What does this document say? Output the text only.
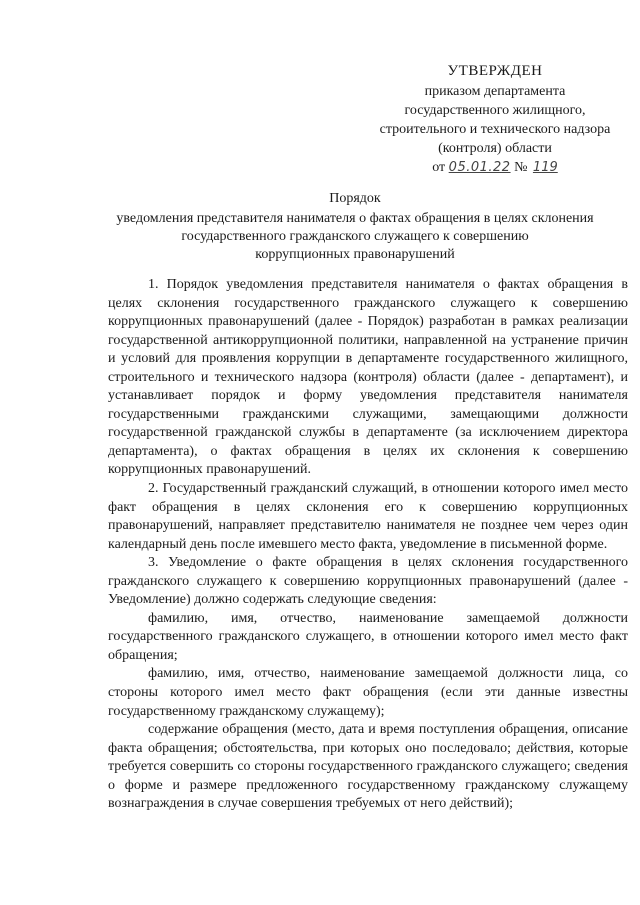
УТВЕРЖДЕН
приказом департамента
государственного жилищного,
строительного и технического надзора
(контроля) области
от 05.01.22 № 119
Порядок
уведомления представителя нанимателя о фактах обращения в целях склонения
государственного гражданского служащего к совершению
коррупционных правонарушений

1. Порядок уведомления представителя нанимателя о фактах обращения в целях склонения государственного гражданского служащего к совершению коррупционных правонарушений (далее - Порядок) разработан в рамках реализации государственной антикоррупционной политики, направленной на устранение причин и условий для проявления коррупции в департаменте государственного жилищного, строительного и технического надзора (контроля) области (далее - департамент), и устанавливает порядок и форму уведомления представителя нанимателя государственными гражданскими служащими, замещающими должности государственной гражданской службы в департаменте (за исключением директора департамента), о фактах обращения в целях их склонения к совершению коррупционных правонарушений.

2. Государственный гражданский служащий, в отношении которого имел место факт обращения в целях склонения его к совершению коррупционных правонарушений, направляет представителю нанимателя не позднее чем через один календарный день после имевшего место факта, уведомление в письменной форме.

3. Уведомление о факте обращения в целях склонения государственного гражданского служащего к совершению коррупционных правонарушений (далее - Уведомление) должно содержать следующие сведения:

фамилию, имя, отчество, наименование замещаемой должности государственного гражданского служащего, в отношении которого имел место факт обращения;

фамилию, имя, отчество, наименование замещаемой должности лица, со стороны которого имел место факт обращения (если эти данные известны государственному гражданскому служащему);

содержание обращения (место, дата и время поступления обращения, описание факта обращения; обстоятельства, при которых оно последовало; действия, которые требуется совершить со стороны государственного гражданского служащего; сведения о форме и размере предложенного государственному гражданскому служащему вознаграждения в случае совершения требуемых от него действий);
